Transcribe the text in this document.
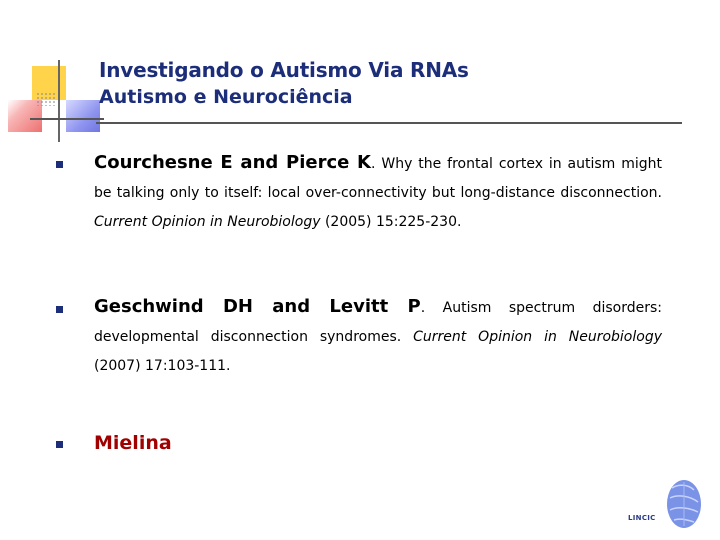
Investigando o Autismo Via RNAs
Autismo e Neurociência
Courchesne E and Pierce K. Why the frontal cortex in autism might be talking only to itself: local over-connectivity but long-distance disconnection. Current Opinion in Neurobiology (2005) 15:225-230.
Geschwind DH and Levitt P. Autism spectrum disorders: developmental disconnection syndromes. Current Opinion in Neurobiology (2007) 17:103-111.
Mielina
LINCIC
